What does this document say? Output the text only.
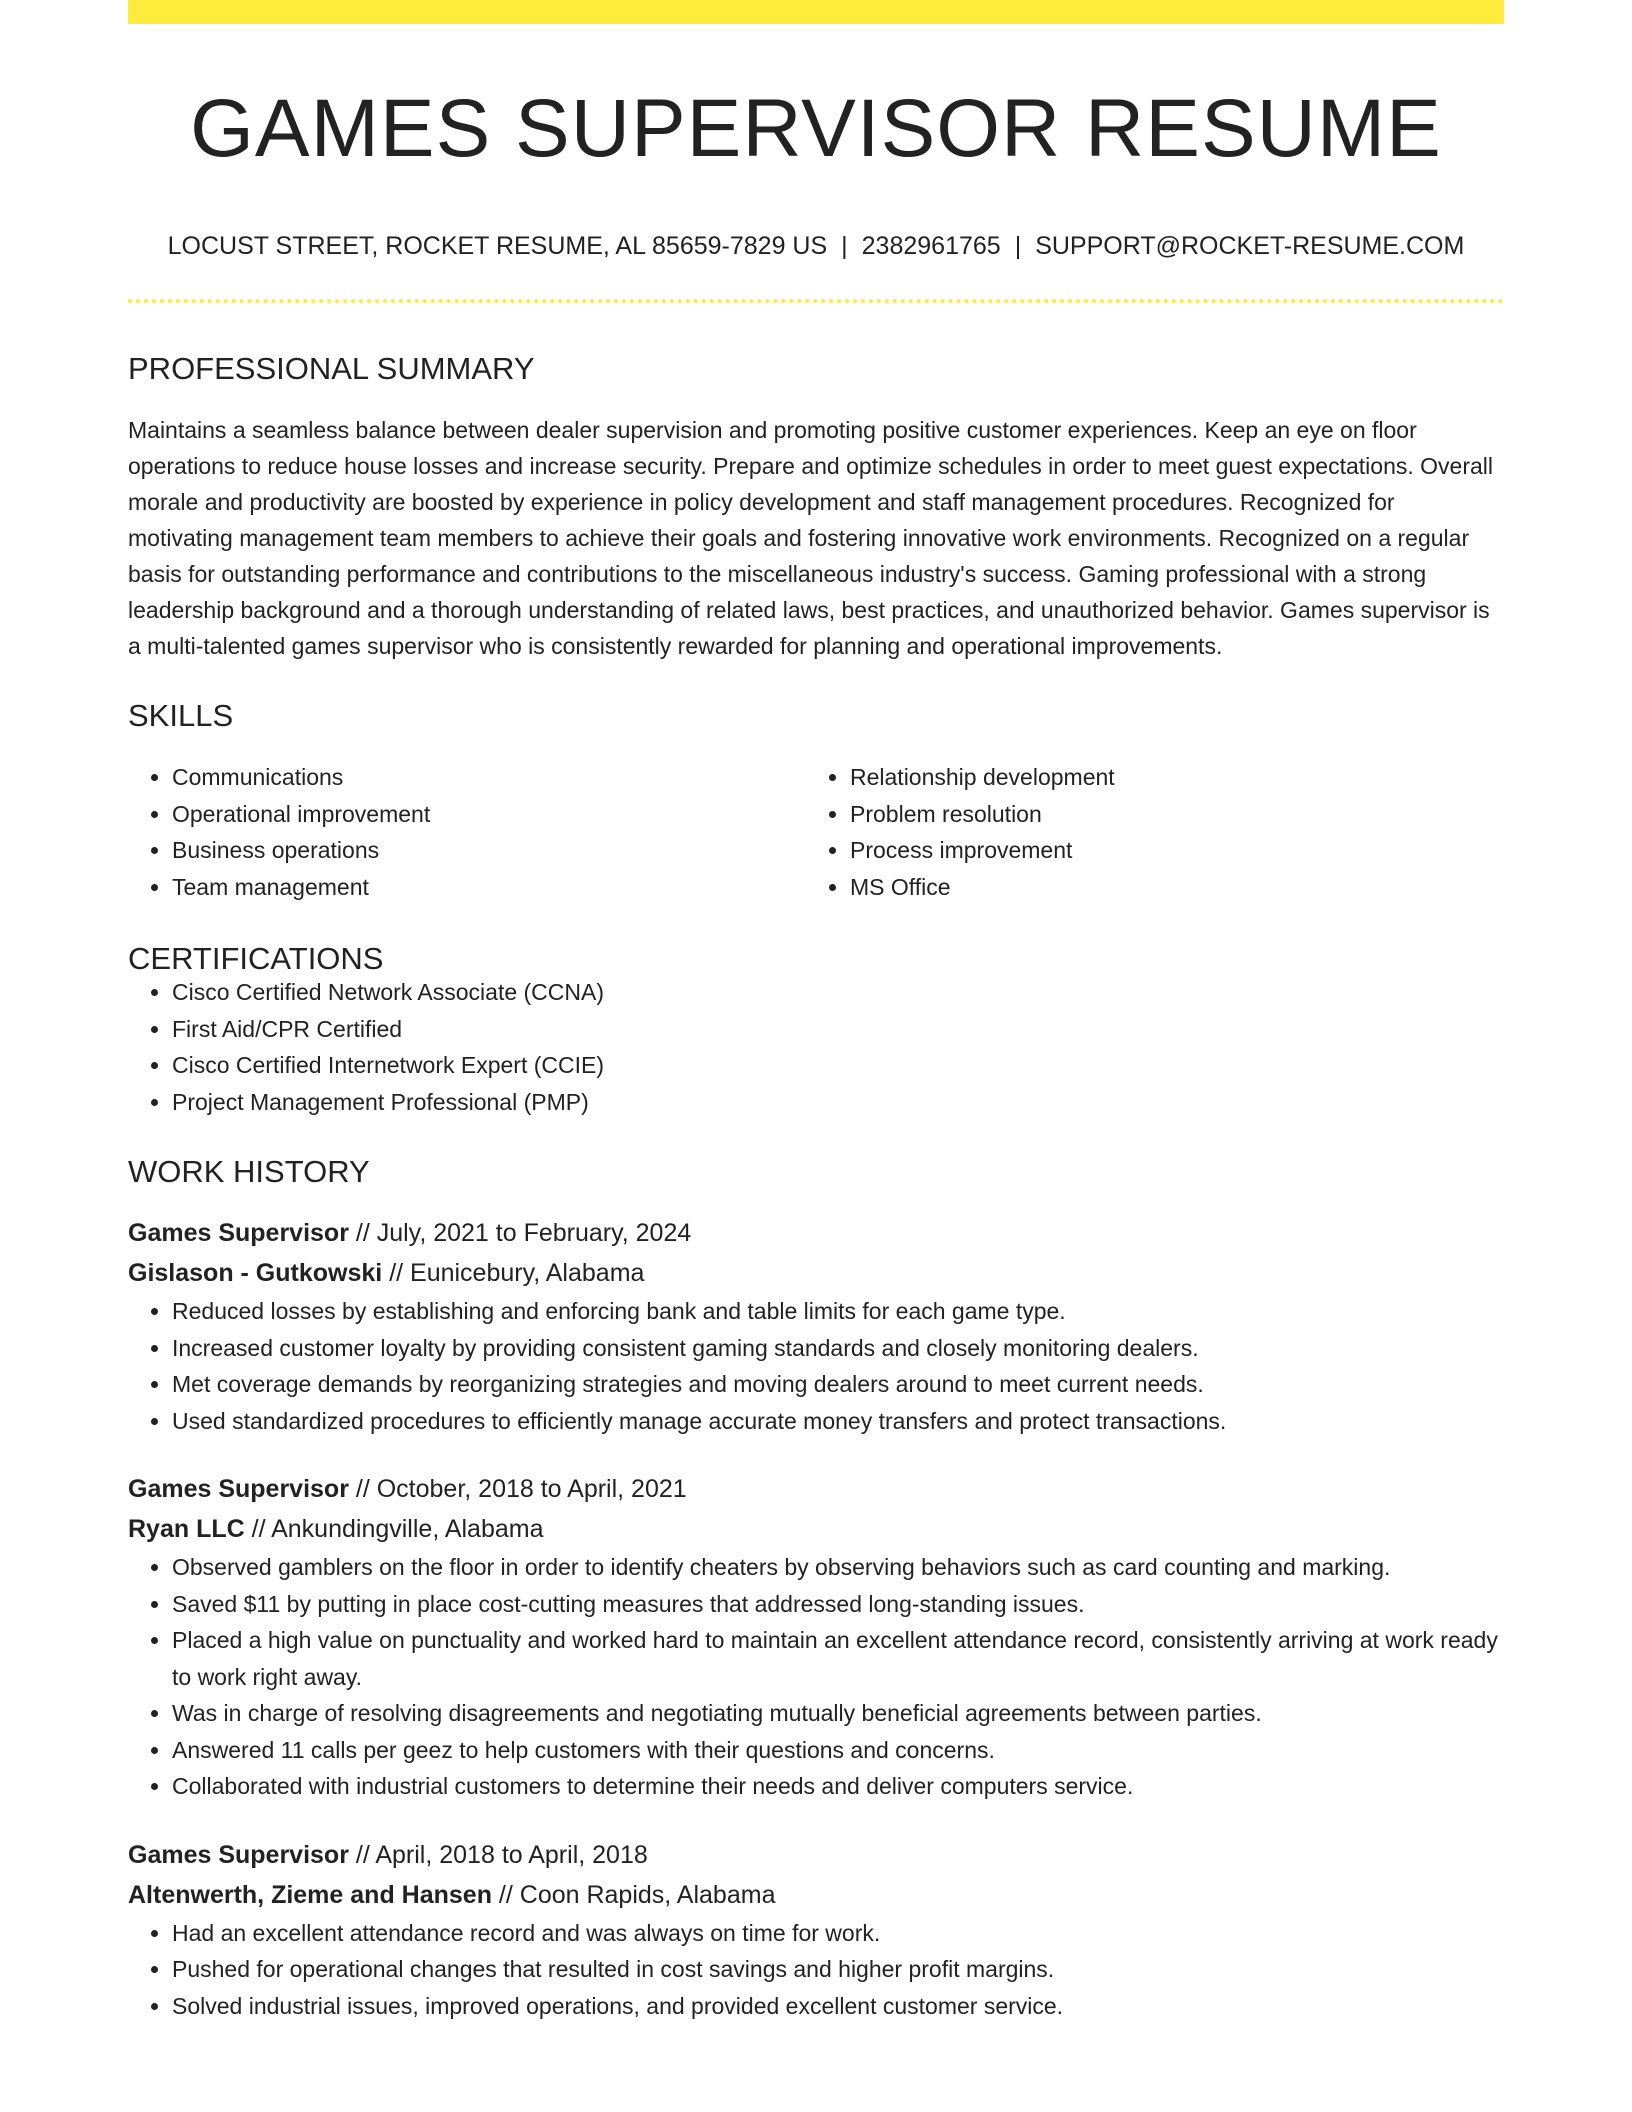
GAMES SUPERVISOR RESUME
LOCUST STREET, ROCKET RESUME, AL 85659-7829 US | 2382961765 | SUPPORT@ROCKET-RESUME.COM
PROFESSIONAL SUMMARY

Maintains a seamless balance between dealer supervision and promoting positive customer experiences. Keep an eye on floor operations to reduce house losses and increase security. Prepare and optimize schedules in order to meet guest expectations. Overall morale and productivity are boosted by experience in policy development and staff management procedures. Recognized for motivating management team members to achieve their goals and fostering innovative work environments. Recognized on a regular basis for outstanding performance and contributions to the miscellaneous industry's success. Gaming professional with a strong leadership background and a thorough understanding of related laws, best practices, and unauthorized behavior. Games supervisor is a multi-talented games supervisor who is consistently rewarded for planning and operational improvements.

SKILLS
• Communications
• Operational improvement
• Business operations
• Team management
• Relationship development
• Problem resolution
• Process improvement
• MS Office
CERTIFICATIONS
• Cisco Certified Network Associate (CCNA)
• First Aid/CPR Certified
• Cisco Certified Internetwork Expert (CCIE)
• Project Management Professional (PMP)
WORK HISTORY

Games Supervisor // July, 2021 to February, 2024

Gislason - Gutkowski // Eunicebury, Alabama

• Reduced losses by establishing and enforcing bank and table limits for each game type.
• Increased customer loyalty by providing consistent gaming standards and closely monitoring dealers.
• Met coverage demands by reorganizing strategies and moving dealers around to meet current needs.
• Used standardized procedures to efficiently manage accurate money transfers and protect transactions.

Games Supervisor // October, 2018 to April, 2021

Ryan LLC // Ankundingville, Alabama

• Observed gamblers on the floor in order to identify cheaters by observing behaviors such as card counting and marking.
• Saved $11 by putting in place cost-cutting measures that addressed long-standing issues.
• Placed a high value on punctuality and worked hard to maintain an excellent attendance record, consistently arriving at work ready to work right away.
• Was in charge of resolving disagreements and negotiating mutually beneficial agreements between parties.
• Answered 11 calls per geez to help customers with their questions and concerns.
• Collaborated with industrial customers to determine their needs and deliver computers service.

Games Supervisor // April, 2018 to April, 2018

Altenwerth, Zieme and Hansen // Coon Rapids, Alabama

• Had an excellent attendance record and was always on time for work.
• Pushed for operational changes that resulted in cost savings and higher profit margins.
• Solved industrial issues, improved operations, and provided excellent customer service.
